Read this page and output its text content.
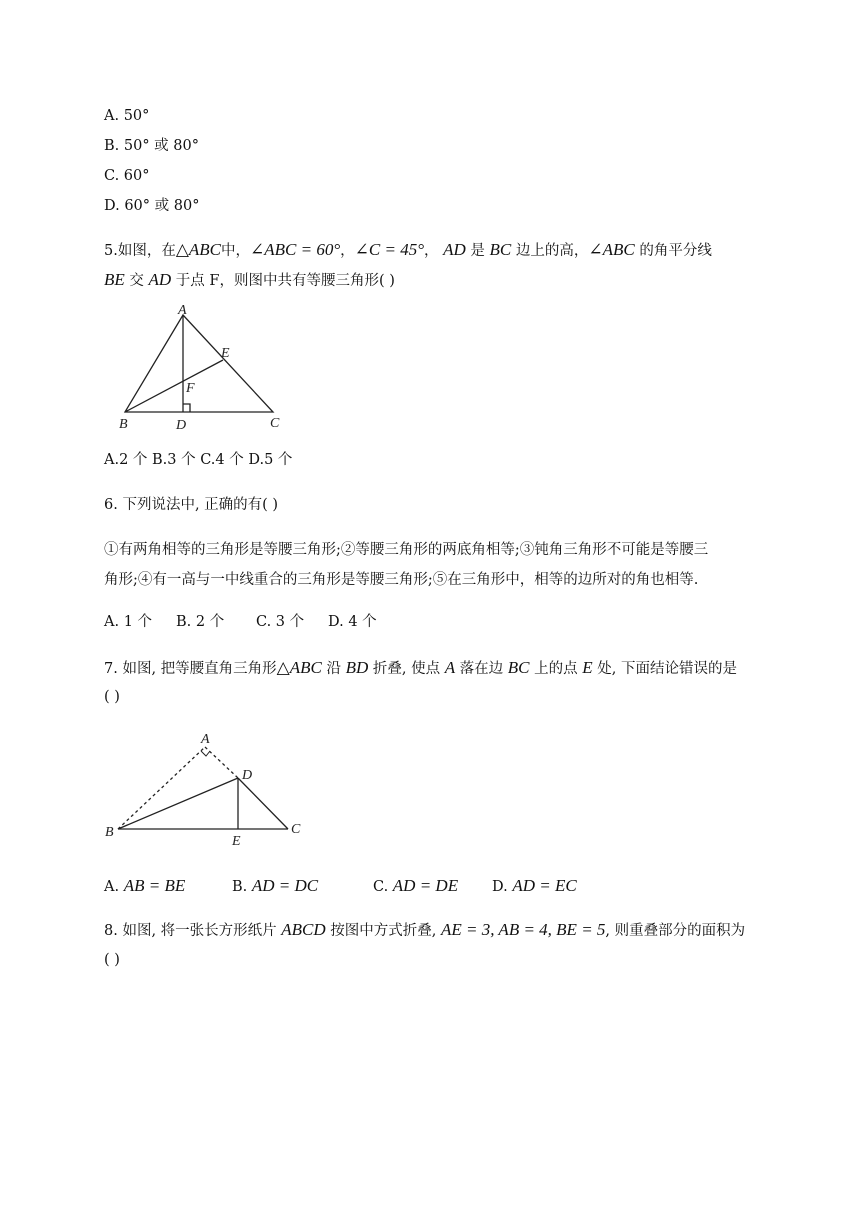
A. 50°
B. 50° 或 80°
C. 60°
D. 60° 或 80°
5.如图，在△ABC中，∠ABC = 60°，∠C = 45°， AD 是 BC 边上的高，∠ABC 的角平分线
BE 交 AD 于点 F，则图中共有等腰三角形( )
A
B	C
D
E
F
A.2 个 B.3 个 C.4 个 D.5 个
6. 下列说法中, 正确的有( )
①有两角相等的三角形是等腰三角形;②等腰三角形的两底角相等;③钝角三角形不可能是等腰三
角形;④有一高与一中线重合的三角形是等腰三角形;⑤在三角形中，相等的边所对的角也相等.
A. 1 个 B. 2 个 C. 3 个 D. 4 个
7. 如图, 把等腰直角三角形△ABC 沿 BD 折叠, 使点 A 落在边 BC 上的点 E 处, 下面结论错误的是
( )
A
B	C
D
E
A. AB = BE	B. AD = DC	C. AD = DE D. AD = EC
8. 如图, 将一张长方形纸片 ABCD 按图中方式折叠, AE = 3, AB = 4, BE = 5, 则重叠部分的面积为
( )
